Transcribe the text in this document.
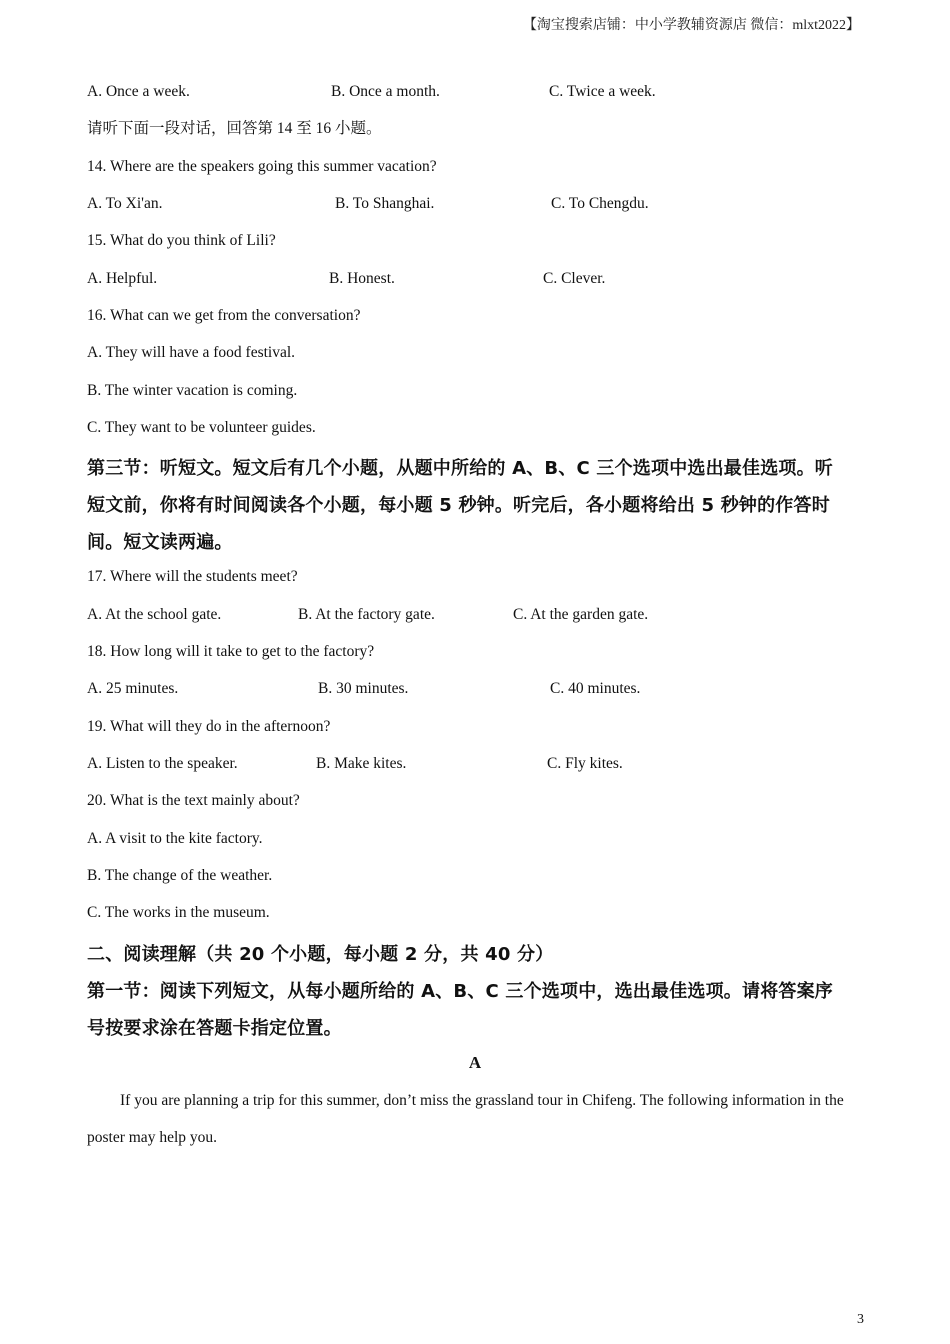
【淘宝搜索店铺：中小学教辅资源店 微信：mlxt2022】
A. Once a week.	B. Once a month.	C. Twice a week.
请听下面一段对话，回答第 14 至 16 小题。
14. Where are the speakers going this summer vacation?
A. To Xi'an.	B. To Shanghai.	C. To Chengdu.
15. What do you think of Lili?
A. Helpful.	B. Honest.	C. Clever.
16. What can we get from the conversation?
A. They will have a food festival.
B. The winter vacation is coming.
C. They want to be volunteer guides.
第三节：听短文。短文后有几个小题，从题中所给的 A、B、C 三个选项中选出最佳选项。听
短文前，你将有时间阅读各个小题，每小题 5 秒钟。听完后，各小题将给出 5 秒钟的作答时
间。短文读两遍。
17. Where will the students meet?
A. At the school gate.	B. At the factory gate.	C. At the garden gate.
18. How long will it take to get to the factory?
A. 25 minutes.	B. 30 minutes.	C. 40 minutes.
19. What will they do in the afternoon?
A. Listen to the speaker.	B. Make kites.	C. Fly kites.
20. What is the text mainly about?
A. A visit to the kite factory.
B. The change of the weather.
C. The works in the museum.
二、阅读理解（共 20 个小题，每小题 2 分，共 40 分）
第一节：阅读下列短文，从每小题所给的 A、B、C 三个选项中，选出最佳选项。请将答案序
号按要求涂在答题卡指定位置。
A
If you are planning a trip for this summer, don’t miss the grassland tour in Chifeng. The following information in the poster may help you.
3
